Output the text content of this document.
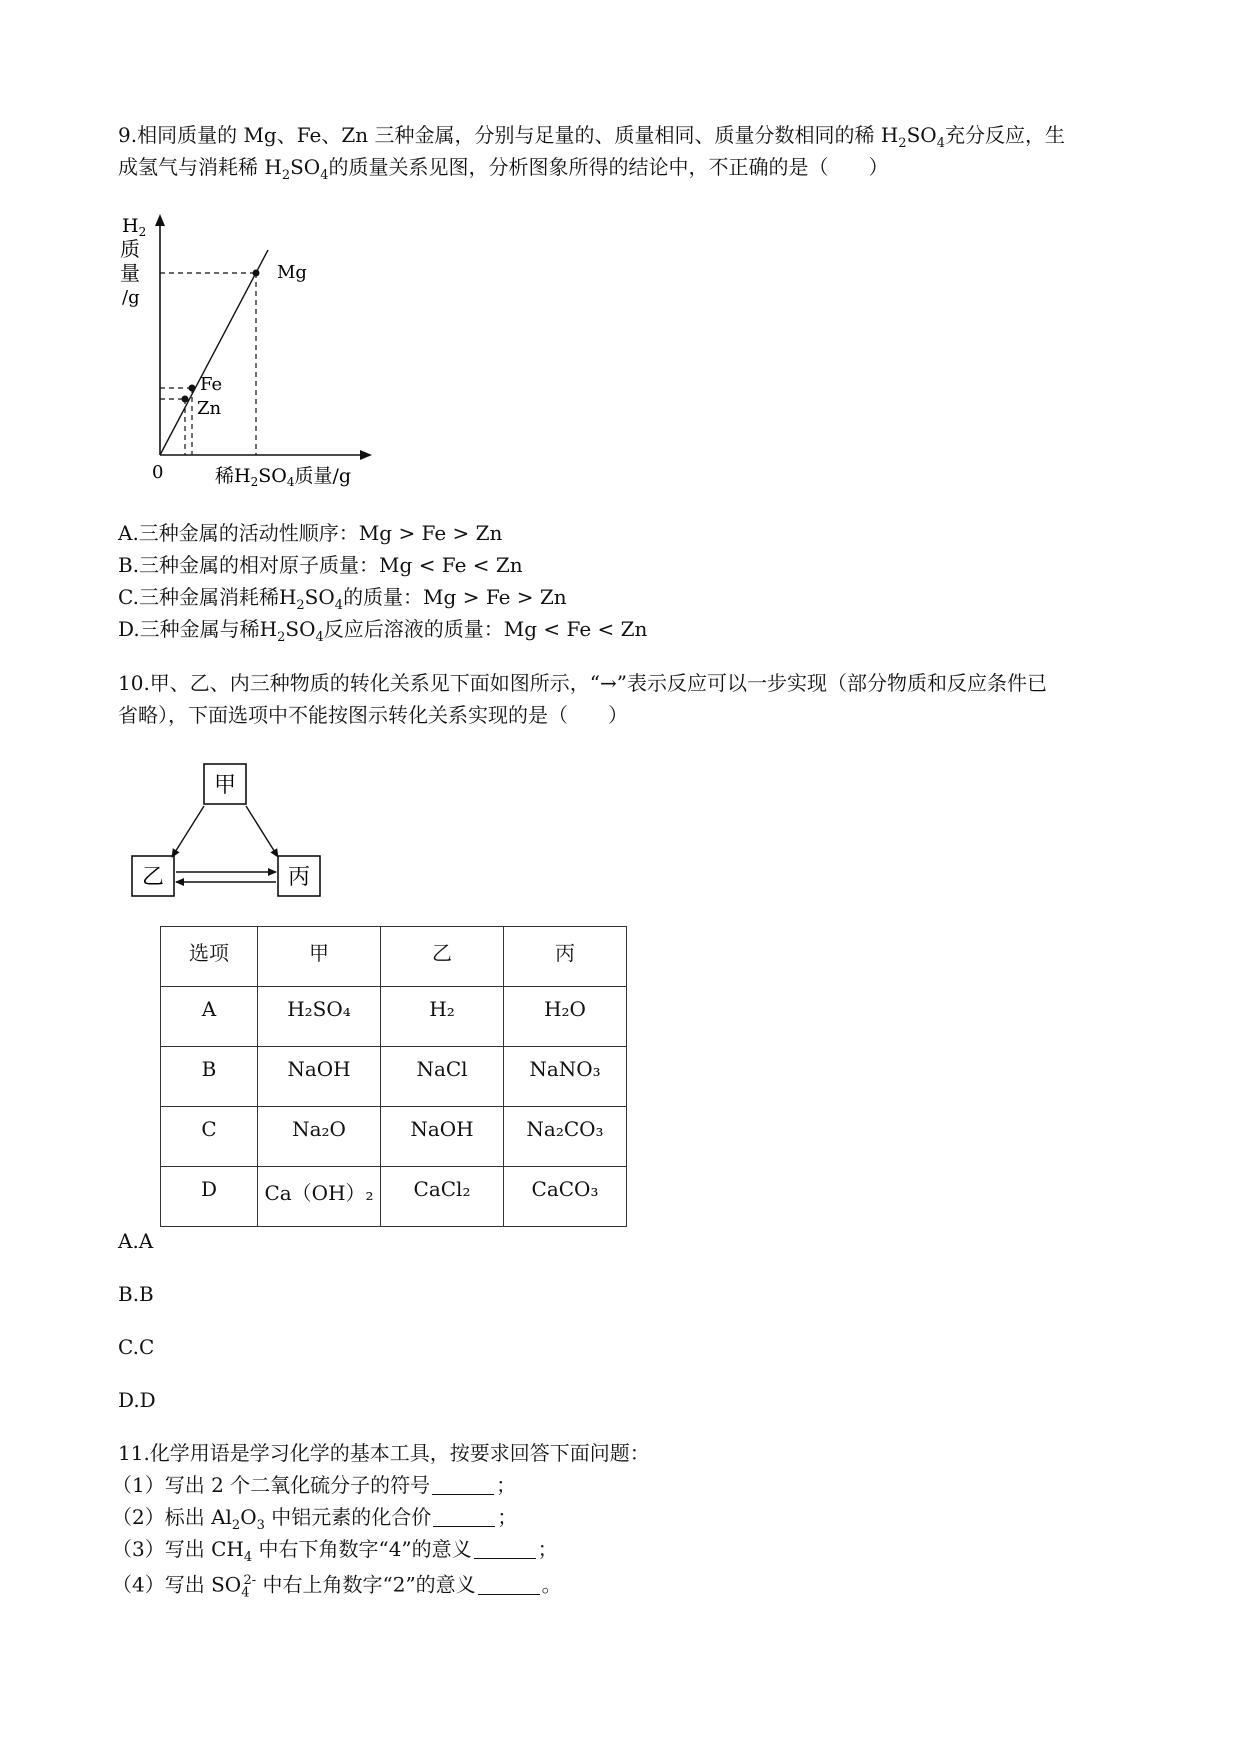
9.相同质量的 Mg、Fe、Zn 三种金属，分别与足量的、质量相同、质量分数相同的稀 $H_2SO_4$充分反应，生
成氢气与消耗稀 $H_2SO_4$的质量关系见图，分析图象所得的结论中，不正确的是（　　）
$H_2$
质
量
/g
0	稀$H_2SO_4$质量/g
Mg
Fe
Zn
A.三种金属的活动性顺序：Mg > Fe > Zn
B.三种金属的相对原子质量：Mg < Fe < Zn
C.三种金属消耗稀$H_2SO_4$的质量：Mg > Fe > Zn
D.三种金属与稀$H_2SO_4$反应后溶液的质量：Mg < Fe < Zn
10.甲、乙、内三种物质的转化关系见下面如图所示，“→”表示反应可以一步实现（部分物质和反应条件已
省略），下面选项中不能按图示转化关系实现的是（　　）
甲
乙	丙
选项	甲	乙	丙
A	H₂SO₄	H₂	H₂O
B	NaOH	NaCl	NaNO₃
C	Na₂O	NaOH	Na₂CO₃
D	Ca（OH）₂	CaCl₂	CaCO₃
A.A
B.B
C.C
D.D
11.化学用语是学习化学的基本工具，按要求回答下面问题：
（1）写出 2 个二氧化硫分子的符号	；
（2）标出 $Al_2O_3$ 中铝元素的化合价	；
（3）写出 $CH_4$ 中右下角数字“4”的意义	；
（4）写出 $SO_4^{2-}$ 中右上角数字“2”的意义	。
